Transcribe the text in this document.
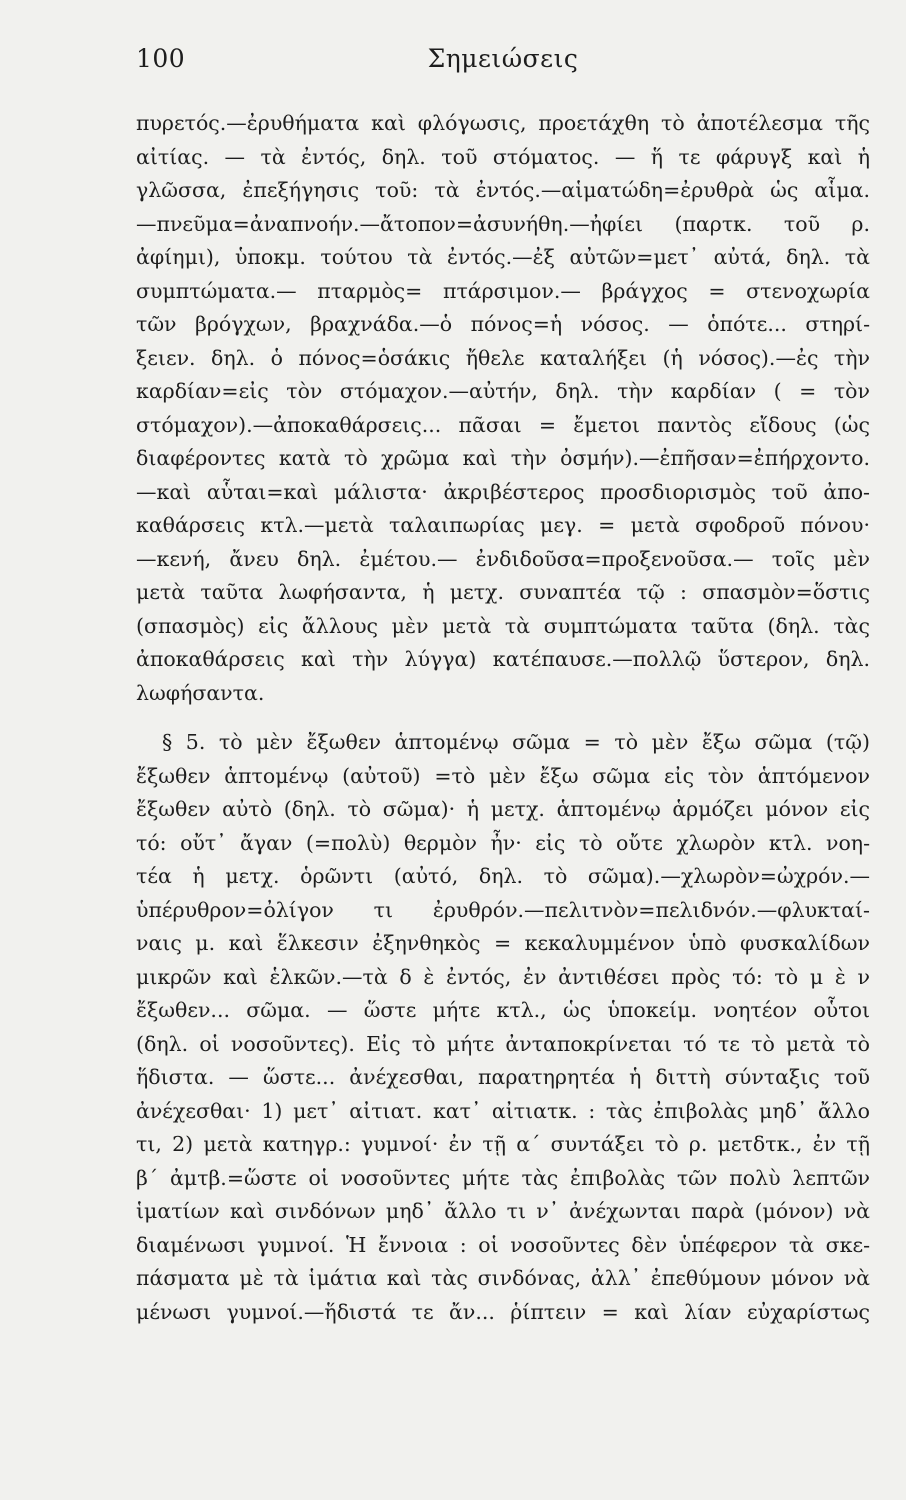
100	Σημειώσεις
πυρετός.—ἐρυθήματα καὶ φλόγωσις, προετάχθη τὸ ἀποτέλεσμα τῆς
αἰτίας. — τὰ ἐντός, δηλ. τοῦ στόματος. — ἥ τε φάρυγξ καὶ ἡ
γλῶσσα, ἐπεξήγησις τοῦ: τὰ ἐντός.—αἱματώδη=ἐρυθρὰ ὡς αἷμα.
—πνεῦμα=ἀναπνοήν.—ἄτοπον=ἀσυνήθη.—ἠφίει (παρτκ. τοῦ ρ.
ἀφίημι), ὑποκμ. τούτου τὰ ἐντός.—ἐξ αὐτῶν=μετ᾽ αὐτά, δηλ. τὰ
συμπτώματα.— πταρμὸς= πτάρσιμον.— βράγχος = στενοχωρία
τῶν βρόγχων, βραχνάδα.—ὁ πόνος=ἡ νόσος. — ὁπότε... στηρί-
ξειεν. δηλ. ὁ πόνος=ὁσάκις ἤθελε καταλήξει (ἡ νόσος).—ἐς τὴν
καρδίαν=εἰς τὸν στόμαχον.—αὐτήν, δηλ. τὴν καρδίαν ( = τὸν
στόμαχον).—ἀποκαθάρσεις... πᾶσαι = ἔμετοι παντὸς εἴδους (ὡς
διαφέροντες κατὰ τὸ χρῶμα καὶ τὴν ὀσμήν).—ἐπῆσαν=ἐπήρχοντο.
—καὶ αὗται=καὶ μάλιστα· ἀκριβέστερος προσδιορισμὸς τοῦ ἀπο-
καθάρσεις κτλ.—μετὰ ταλαιπωρίας μεγ. = μετὰ σφοδροῦ πόνου·
—κενή, ἄνευ δηλ. ἐμέτου.— ἐνδιδοῦσα=προξενοῦσα.— τοῖς μὲν
μετὰ ταῦτα λωφήσαντα, ἡ μετχ. συναπτέα τῷ : σπασμὸν=ὅστις
(σπασμὸς) εἰς ἄλλους μὲν μετὰ τὰ συμπτώματα ταῦτα (δηλ. τὰς
ἀποκαθάρσεις καὶ τὴν λύγγα) κατέπαυσε.—πολλῷ ὕστερον, δηλ.
λωφήσαντα.
§ 5. τὸ μὲν ἔξωθεν ἁπτομένῳ σῶμα = τὸ μὲν ἔξω σῶμα (τῷ)
ἔξωθεν ἁπτομένῳ (αὐτοῦ) =τὸ μὲν ἔξω σῶμα εἰς τὸν ἁπτόμενον
ἔξωθεν αὐτὸ (δηλ. τὸ σῶμα)· ἡ μετχ. ἁπτομένῳ ἁρμόζει μόνον εἰς
τό: οὔτ᾽ ἄγαν (=πολὺ) θερμὸν ἦν· εἰς τὸ οὔτε χλωρὸν κτλ. νοη-
τέα ἡ μετχ. ὁρῶντι (αὐτό, δηλ. τὸ σῶμα).—χλωρὸν=ὠχρόν.—
ὑπέρυθρον=ὀλίγον τι ἐρυθρόν.—πελιτνὸν=πελιδνόν.—φλυκταί-
ναις μ. καὶ ἕλκεσιν ἐξηνθηκὸς = κεκαλυμμένον ὑπὸ φυσκαλίδων
μικρῶν καὶ ἑλκῶν.—τὰ δ ὲ ἐντός, ἐν ἀντιθέσει πρὸς τό: τὸ μ ὲ ν
ἔξωθεν... σῶμα. — ὥστε μήτε κτλ., ὡς ὑποκείμ. νοητέον οὗτοι
(δηλ. οἱ νοσοῦντες). Εἰς τὸ μήτε ἀνταποκρίνεται τό τε τὸ μετὰ τὸ
ἥδιστα. — ὥστε... ἀνέχεσθαι, παρατηρητέα ἡ διττὴ σύνταξις τοῦ
ἀνέχεσθαι· 1) μετ᾽ αἰτιατ. κατ᾽ αἰτιατκ. : τὰς ἐπιβολὰς μηδ᾽ ἄλλο
τι, 2) μετὰ κατηγρ.: γυμνοί· ἐν τῇ α´ συντάξει τὸ ρ. μετδτκ., ἐν τῇ
β´ ἀμτβ.=ὥστε οἱ νοσοῦντες μήτε τὰς ἐπιβολὰς τῶν πολὺ λεπτῶν
ἱματίων καὶ σινδόνων μηδ᾽ ἄλλο τι ν᾽ ἀνέχωνται παρὰ (μόνον) νὰ
διαμένωσι γυμνοί. Ἡ ἔννοια : οἱ νοσοῦντες δὲν ὑπέφερον τὰ σκε-
πάσματα μὲ τὰ ἱμάτια καὶ τὰς σινδόνας, ἀλλ᾽ ἐπεθύμουν μόνον νὰ
μένωσι γυμνοί.—ἥδιστά τε ἄν... ῥίπτειν = καὶ λίαν εὐχαρίστως
